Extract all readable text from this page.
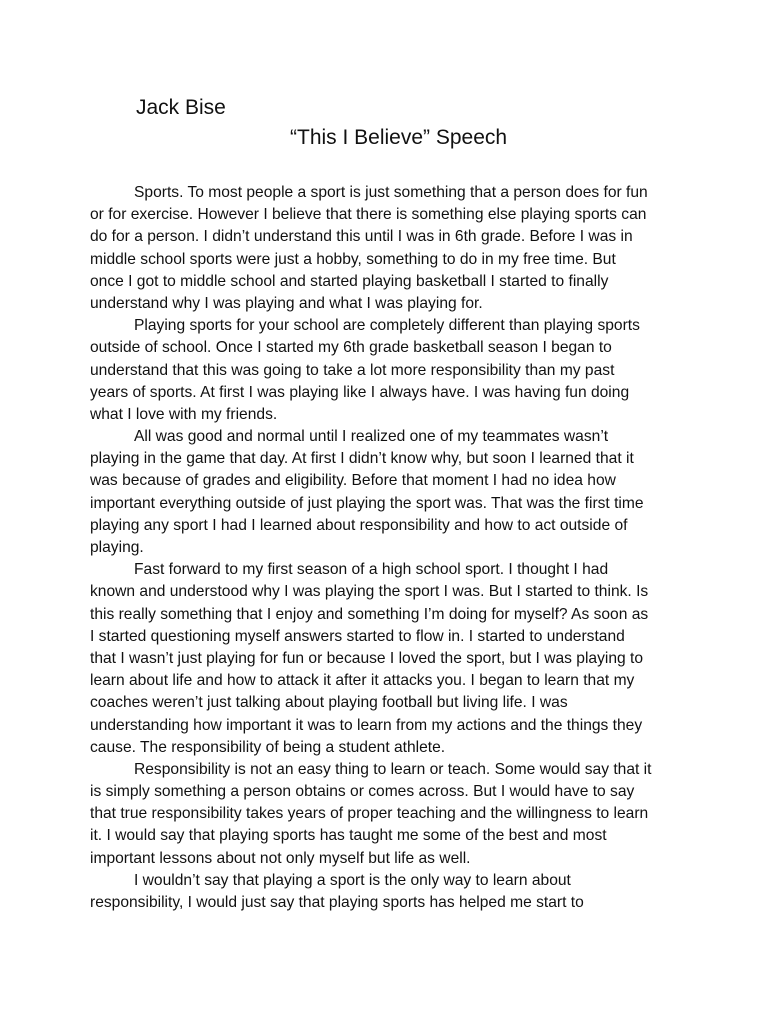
Jack Bise
“This I Believe” Speech
Sports. To most people a sport is just something that a person does for fun
or for exercise. However I believe that there is something else playing sports can
do for a person. I didn’t understand this until I was in 6th grade. Before I was in
middle school sports were just a hobby, something to do in my free time. But
once I got to middle school and started playing basketball I started to finally
understand why I was playing and what I was playing for.
Playing sports for your school are completely different than playing sports
outside of school. Once I started my 6th grade basketball season I began to
understand that this was going to take a lot more responsibility than my past
years of sports. At first I was playing like I always have. I was having fun doing
what I love with my friends.
All was good and normal until I realized one of my teammates wasn’t
playing in the game that day. At first I didn’t know why, but soon I learned that it
was because of grades and eligibility. Before that moment I had no idea how
important everything outside of just playing the sport was. That was the first time
playing any sport I had I learned about responsibility and how to act outside of
playing.
Fast forward to my first season of a high school sport. I thought I had
known and understood why I was playing the sport I was. But I started to think. Is
this really something that I enjoy and something I’m doing for myself? As soon as
I started questioning myself answers started to flow in. I started to understand
that I wasn’t just playing for fun or because I loved the sport, but I was playing to
learn about life and how to attack it after it attacks you. I began to learn that my
coaches weren’t just talking about playing football but living life. I was
understanding how important it was to learn from my actions and the things they
cause. The responsibility of being a student athlete.
Responsibility is not an easy thing to learn or teach. Some would say that it
is simply something a person obtains or comes across. But I would have to say
that true responsibility takes years of proper teaching and the willingness to learn
it. I would say that playing sports has taught me some of the best and most
important lessons about not only myself but life as well.
I wouldn’t say that playing a sport is the only way to learn about
responsibility, I would just say that playing sports has helped me start to
